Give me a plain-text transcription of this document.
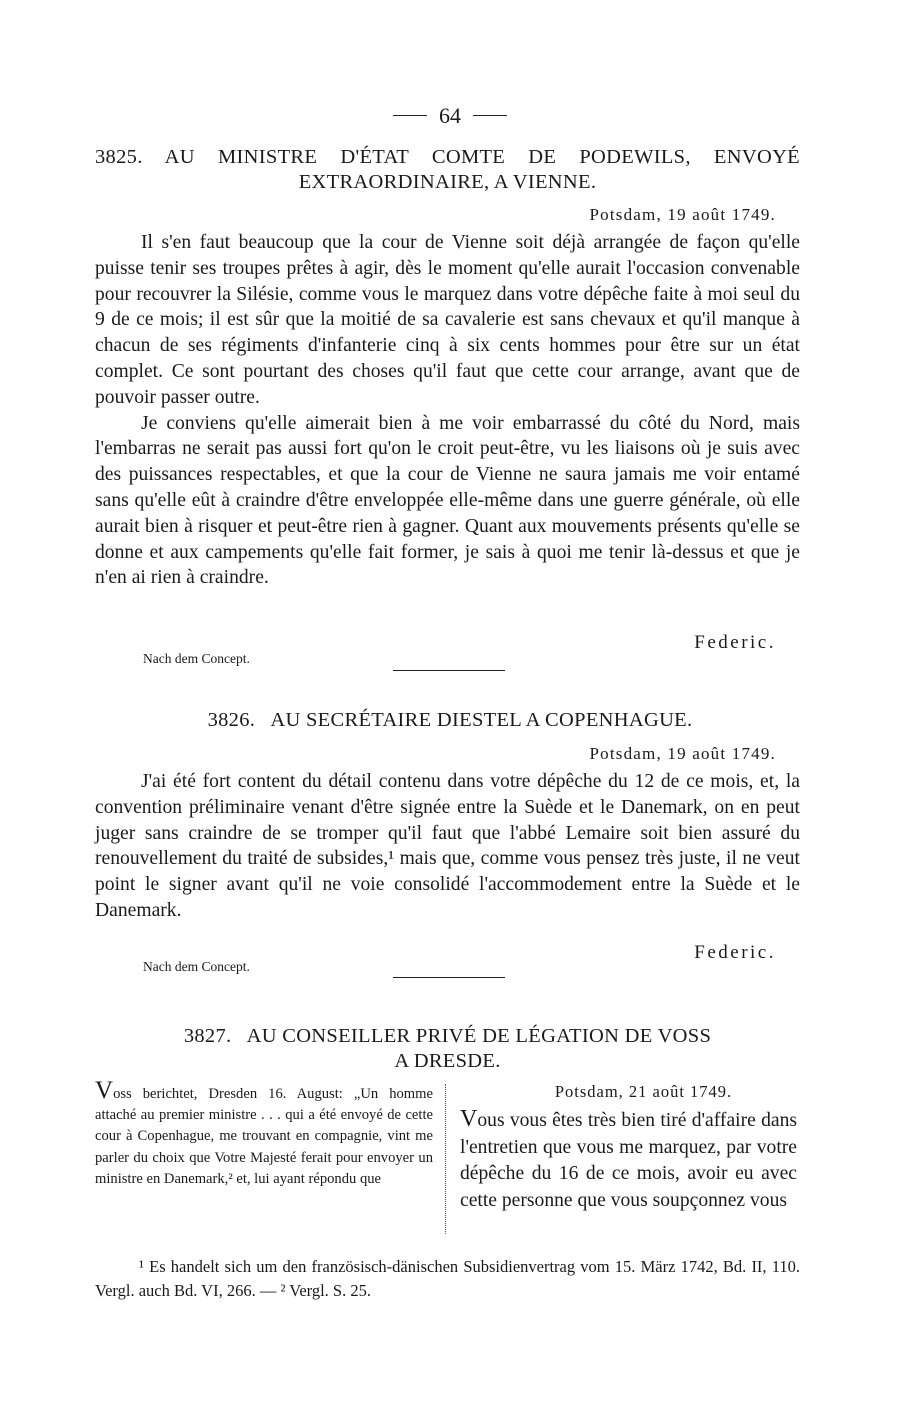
64
3825. AU MINISTRE D'ÉTAT COMTE DE PODEWILS, ENVOYÉ
EXTRAORDINAIRE, A VIENNE.
Potsdam, 19 août 1749.

Il s'en faut beaucoup que la cour de Vienne soit déjà arrangée de façon qu'elle puisse tenir ses troupes prêtes à agir, dès le moment qu'elle aurait l'occasion convenable pour recouvrer la Silésie, comme vous le marquez dans votre dépêche faite à moi seul du 9 de ce mois; il est sûr que la moitié de sa cavalerie est sans chevaux et qu'il manque à chacun de ses régiments d'infanterie cinq à six cents hommes pour être sur un état complet. Ce sont pourtant des choses qu'il faut que cette cour arrange, avant que de pouvoir passer outre.

Je conviens qu'elle aimerait bien à me voir embarrassé du côté du Nord, mais l'embarras ne serait pas aussi fort qu'on le croit peut-être, vu les liaisons où je suis avec des puissances respectables, et que la cour de Vienne ne saura jamais me voir entamé sans qu'elle eût à craindre d'être enveloppée elle-même dans une guerre générale, où elle aurait bien à risquer et peut-être rien à gagner. Quant aux mouvements présents qu'elle se donne et aux campements qu'elle fait former, je sais à quoi me tenir là-dessus et que je n'en ai rien à craindre.

Federic.
Nach dem Concept.
3826. AU SECRÉTAIRE DIESTEL A COPENHAGUE.
Potsdam, 19 août 1749.

J'ai été fort content du détail contenu dans votre dépêche du 12 de ce mois, et, la convention préliminaire venant d'être signée entre la Suède et le Danemark, on en peut juger sans craindre de se tromper qu'il faut que l'abbé Lemaire soit bien assuré du renouvellement du traité de subsides,¹ mais que, comme vous pensez très juste, il ne veut point le signer avant qu'il ne voie consolidé l'accommodement entre la Suède et le Danemark.

Federic.
Nach dem Concept.
3827. AU CONSEILLER PRIVÉ DE LÉGATION DE VOSS
A DRESDE.
Voss berichtet, Dresden 16. August: „Un homme attaché au premier ministre . . . qui a été envoyé de cette cour à Copenhague, me trouvant en compagnie, vint me parler du choix que Votre Majesté ferait pour envoyer un ministre en Danemark,² et, lui ayant répondu que
Potsdam, 21 août 1749.
Vous vous êtes très bien tiré d'affaire dans l'entretien que vous me marquez, par votre dépêche du 16 de ce mois, avoir eu avec cette personne que vous soupçonnez vous

¹ Es handelt sich um den französisch-dänischen Subsidienvertrag vom 15. März 1742, Bd. II, 110. Vergl. auch Bd. VI, 266. — ² Vergl. S. 25.
